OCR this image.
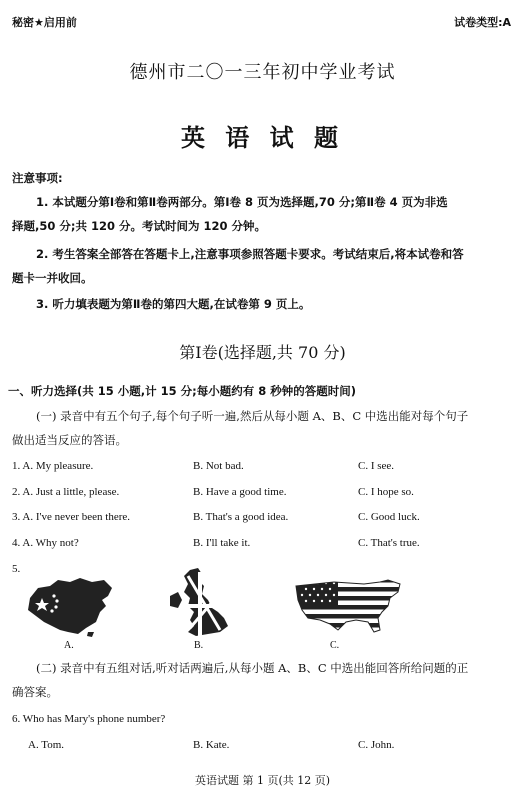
秘密★启用前	试卷类型:A
德州市二〇一三年初中学业考试
英 语 试 题
注意事项:
1. 本试题分第Ⅰ卷和第Ⅱ卷两部分。第Ⅰ卷 8 页为选择题,70 分;第Ⅱ卷 4 页为非选
择题,50 分;共 120 分。考试时间为 120 分钟。
2. 考生答案全部答在答题卡上,注意事项参照答题卡要求。考试结束后,将本试卷和答
题卡一并收回。
3. 听力填表题为第Ⅱ卷的第四大题,在试卷第 9 页上。
第Ⅰ卷(选择题,共 70 分)
一、听力选择(共 15 小题,计 15 分;每小题约有 8 秒钟的答题时间)
(一) 录音中有五个句子,每个句子听一遍,然后从每小题 A、B、C 中选出能对每个句子
做出适当反应的答语。
1. A. My pleasure.	B. Not bad.	C. I see.
2. A. Just a little, please.	B. Have a good time.	C. I hope so.
3. A. I've never been there.	B. That's a good idea.	C. Good luck.
4. A. Why not?	B. I'll take it.	C. That's true.
5.
A.	B.	C.
(二) 录音中有五组对话,听对话两遍后,从每小题 A、B、C 中选出能回答所给问题的正
确答案。
6. Who has Mary's phone number?
A. Tom.	B. Kate.	C. John.
英语试题 第 1 页(共 12 页)
